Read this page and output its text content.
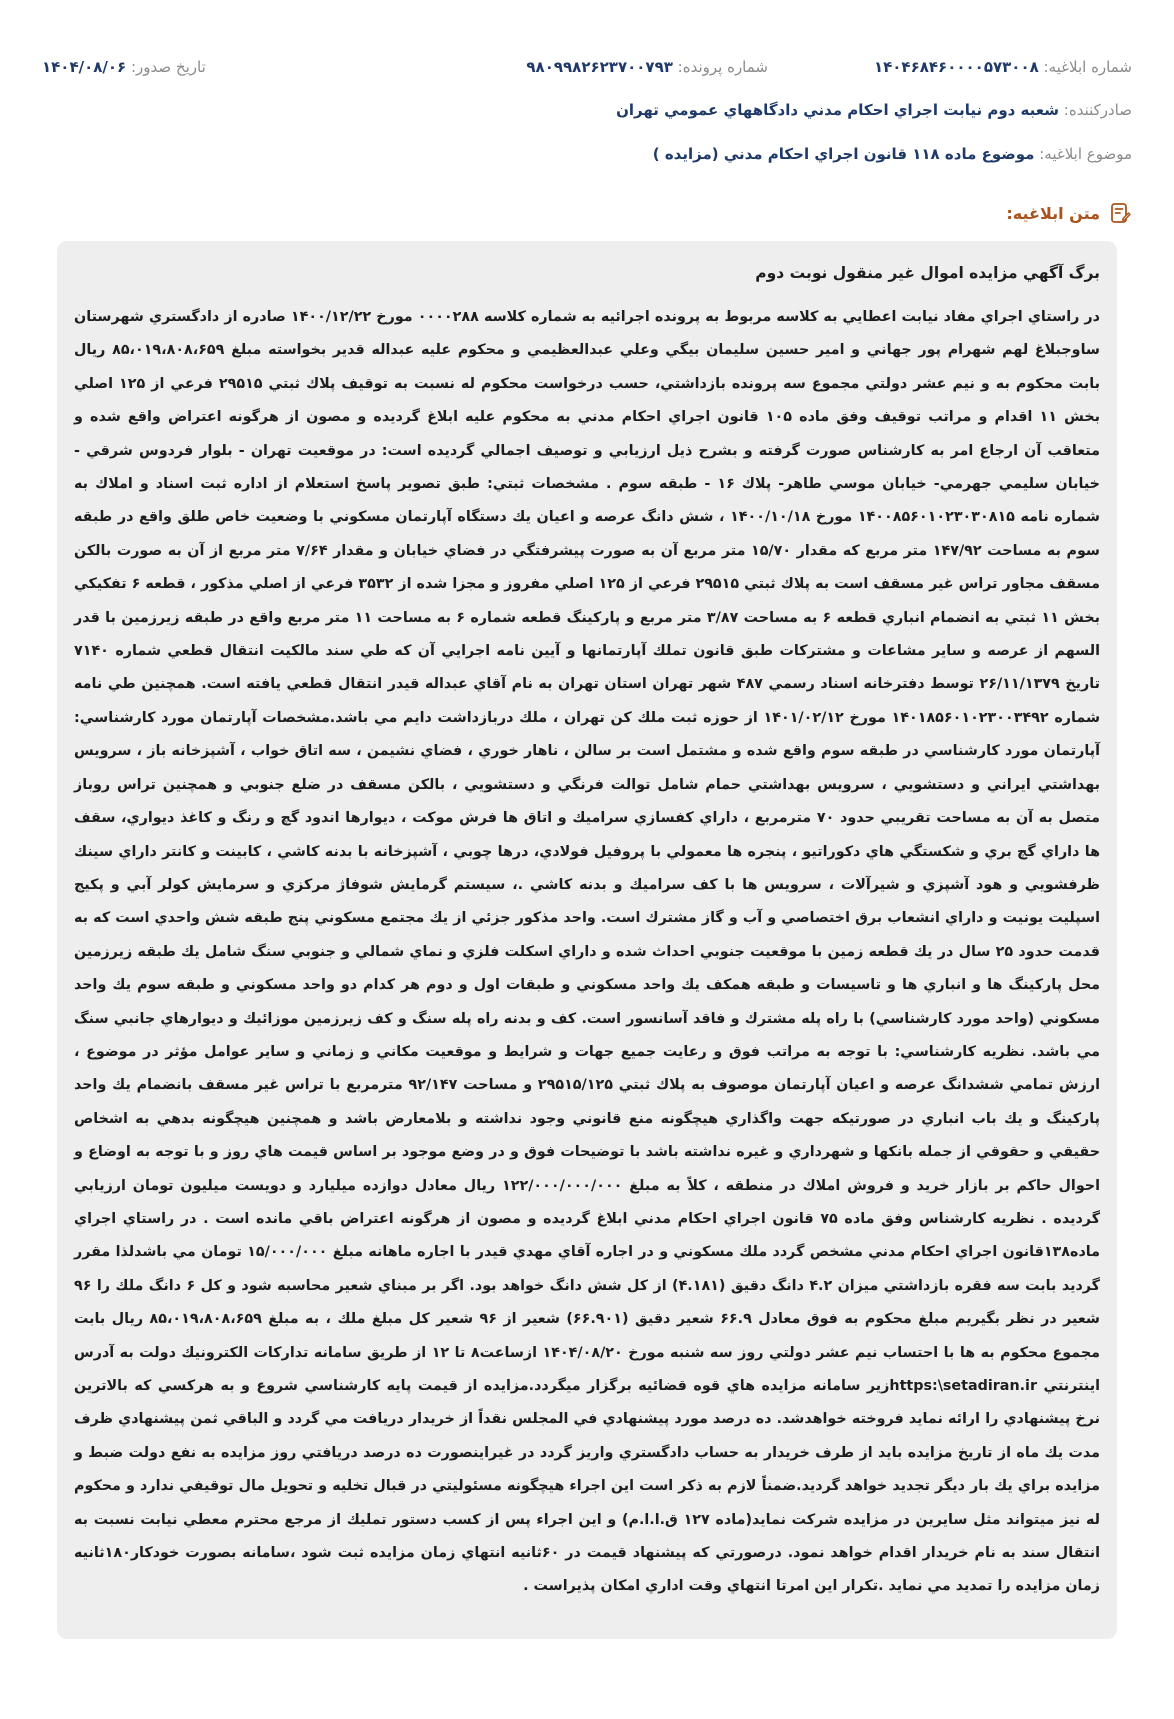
شماره ابلاغيه: ۱۴۰۴۶۸۴۶۰۰۰۰۵۷۳۰۰۸
شماره پرونده: ۹۸۰۹۹۸۲۶۲۳۷۰۰۷۹۳
تاريخ صدور: ۱۴۰۴/۰۸/۰۶
صادرکننده: شعبه دوم نيابت اجراي احكام مدني دادگاههاي عمومي تهران
موضوع ابلاغيه: موضوع ماده ۱۱۸ قانون اجراي احكام مدني (مزايده )
متن ابلاغيه:

برگ آگهي مزايده اموال غير منقول نوبت دوم

در راستاي اجراي مفاد نيابت اعطايي به كلاسه مربوط به پرونده اجرائيه به شماره كلاسه ۰۰۰۰۲۸۸ مورخ ۱۴۰۰/۱۲/۲۲ صادره از دادگستري شهرستان ساوجبلاغ لهم شهرام پور جهاني و امير حسين سليمان بيگي وعلي عبدالعظيمي و محكوم عليه عبداله قدير بخواسته مبلغ ۸۵،۰۱۹،۸۰۸،۶۵۹ ريال بابت محكوم به و نيم عشر دولتي مجموع سه پرونده بازداشتي، حسب درخواست محكوم له نسبت به توقيف پلاك ثبتي ۲۹۵۱۵ فرعي از ۱۲۵ اصلي بخش ۱۱ اقدام و مراتب توقيف وفق ماده ۱۰۵ قانون اجراي احكام مدني به محكوم عليه ابلاغ گرديده و مصون از هرگونه اعتراض واقع شده و متعاقب آن ارجاع امر به كارشناس صورت گرفته و بشرح ذيل ارزيابي و توصيف اجمالي گرديده است: در موقعيت تهران - بلوار فردوس شرقي - خيابان سليمي جهرمي- خيابان موسي طاهر- پلاك ۱۶ - طبقه سوم . مشخصات ثبتي: طبق تصوير پاسخ استعلام از اداره ثبت اسناد و املاك به شماره نامه ۱۴۰۰۸۵۶۰۱۰۲۳۰۳۰۸۱۵ مورخ ۱۴۰۰/۱۰/۱۸ ، شش دانگ عرصه و اعيان يك دستگاه آپارتمان مسكوني با وضعيت خاص طلق واقع در طبقه سوم به مساحت ۱۴۷/۹۲ متر مربع كه مقدار ۱۵/۷۰ متر مربع آن به صورت پيشرفتگي در فضاي خيابان و مقدار ۷/۶۴ متر مربع از آن به صورت بالكن مسقف مجاور تراس غير مسقف است به پلاك ثبتي ۲۹۵۱۵ فرعي از ۱۲۵ اصلي مفروز و مجزا شده از ۳۵۳۲ فرعي از اصلي مذكور ، قطعه ۶ تفكيكي بخش ۱۱ ثبتي به انضمام انباري قطعه ۶ به مساحت ۳/۸۷ متر مربع و پاركينگ قطعه شماره ۶ به مساحت ۱۱ متر مربع واقع در طبقه زيرزمين با قدر السهم از عرصه و ساير مشاعات و مشتركات طبق قانون تملك آپارتمانها و آيين نامه اجرايي آن كه طي سند مالكيت انتقال قطعي شماره ۷۱۴۰ تاريخ ۲۶/۱۱/۱۳۷۹ توسط دفترخانه اسناد رسمي ۴۸۷ شهر تهران استان تهران به نام آقاي عبداله قيدر انتقال قطعي يافته است. همچنين طي نامه شماره ۱۴۰۱۸۵۶۰۱۰۲۳۰۰۳۴۹۲ مورخ ۱۴۰۱/۰۲/۱۲ از حوزه ثبت ملك كن تهران ، ملك دربازداشت دايم مي باشد.مشخصات آپارتمان مورد كارشناسي: آپارتمان مورد كارشناسي در طبقه سوم واقع شده و مشتمل است بر سالن ، ناهار خوري ، فضاي نشيمن ، سه اتاق خواب ، آشپزخانه باز ، سرويس بهداشتي ايراني و دستشويي ، سرويس بهداشتي حمام شامل توالت فرنگي و دستشويي ، بالكن مسقف در ضلع جنوبي و همچنين تراس روباز متصل به آن به مساحت تقريبي حدود ۷۰ مترمربع ، داراي كفسازي سراميك و اتاق ها فرش موكت ، ديوارها اندود گچ و رنگ و كاغذ ديواري، سقف ها داراي گچ بري و شكستگي هاي دكوراتيو ، پنجره ها معمولي با پروفيل فولادي، درها چوبي ، آشپزخانه با بدنه كاشي ، كابينت و كانتر داراي سينك ظرفشويي و هود آشپزي و شيرآلات ، سرويس ها با كف سراميك و بدنه كاشي .، سيستم گرمايش شوفاژ مركزي و سرمايش كولر آبي و پكيج اسپليت يونيت و داراي انشعاب برق اختصاصي و آب و گاز مشترك است. واحد مذكور جزئي از يك مجتمع مسكوني پنج طبقه شش واحدي است كه به قدمت حدود ۲۵ سال در يك قطعه زمين با موقعيت جنوبي احداث شده و داراي اسكلت فلزي و نماي شمالي و جنوبي سنگ شامل يك طبقه زيرزمين محل پاركينگ ها و انباري ها و تاسيسات و طبقه همكف يك واحد مسكوني و طبقات اول و دوم هر كدام دو واحد مسكوني و طبقه سوم يك واحد مسكوني (واحد مورد كارشناسي) با راه پله مشترك و فاقد آسانسور است. كف و بدنه راه پله سنگ و كف زيرزمين موزائيك و ديوارهاي جانبي سنگ مي باشد. نظريه كارشناسي: با توجه به مراتب فوق و رعايت جميع جهات و شرايط و موقعيت مكاني و زماني و ساير عوامل مؤثر در موضوع ، ارزش تمامي ششدانگ عرصه و اعيان آپارتمان موصوف به پلاك ثبتي ۲۹۵۱۵/۱۲۵ و مساحت ۹۲/۱۴۷ مترمربع با تراس غير مسقف بانضمام يك واحد پاركينگ و يك باب انباري در صورتيكه جهت واگذاري هيچگونه منع قانوني وجود نداشته و بلامعارض باشد و همچنين هيچگونه بدهي به اشخاص حقيقي و حقوقي از جمله بانكها و شهرداري و غيره نداشته باشد با توضيحات فوق و در وضع موجود بر اساس قيمت هاي روز و با توجه به اوضاع و احوال حاكم بر بازار خريد و فروش املاك در منطقه ، كلاً به مبلغ ۱۲۲/۰۰۰/۰۰۰/۰۰۰ ريال معادل دوازده ميليارد و دويست ميليون تومان ارزيابي گرديده . نظريه كارشناس وفق ماده ۷۵ قانون اجراي احكام مدني ابلاغ گرديده و مصون از هرگونه اعتراض باقي مانده است . در راستاي اجراي ماده۱۳۸قانون اجراي احكام مدني مشخص گردد ملك مسكوني و در اجاره آقاي مهدي قيدر با اجاره ماهانه مبلغ ۱۵/۰۰۰/۰۰۰ تومان مي باشدلذا مقرر گرديد بابت سه فقره بازداشتي ميزان ۴.۲ دانگ دقيق (۴.۱۸۱) از كل شش دانگ خواهد بود. اگر بر مبناي شعير محاسبه شود و كل ۶ دانگ ملك را ۹۶ شعير در نظر بگيريم مبلغ محكوم به فوق معادل ۶۶.۹ شعير دقيق (۶۶.۹۰۱) شعير از ۹۶ شعير كل مبلغ ملك ، به مبلغ ۸۵،۰۱۹،۸۰۸،۶۵۹ ريال بابت مجموع محكوم به ها با احتساب نيم عشر دولتي روز سه شنبه مورخ ۱۴۰۴/۰۸/۲۰ ازساعت۸ تا ۱۲ از طريق سامانه تداركات الكترونيك دولت به آدرس اينترنتي https:\setadiran.irزير سامانه مزايده هاي قوه قضائيه برگزار ميگردد.مزايده از قيمت پايه كارشناسي شروع و به هركسي كه بالاترين نرخ پيشنهادي را ارائه نمايد فروخته خواهدشد. ده درصد مورد پيشنهادي في المجلس نقداً از خريدار دريافت مي گردد و الباقي ثمن پيشنهادي ظرف مدت يك ماه از تاريخ مزايده بايد از طرف خريدار به حساب دادگستري واريز گردد در غيراينصورت ده درصد دريافتي روز مزايده به نفع دولت ضبط و مزايده براي يك بار ديگر تجديد خواهد گرديد.ضمناً لازم به ذكر است اين اجراء هيچگونه مسئوليتي در قبال تخليه و تحويل مال توقيفي ندارد و محكوم له نيز ميتواند مثل سايرين در مزايده شركت نمايد(ماده ۱۲۷ ق.ا.ا.م) و اين اجراء پس از كسب دستور تمليك از مرجع محترم معطي نيابت نسبت به انتقال سند به نام خريدار اقدام خواهد نمود. درصورتي كه پيشنهاد قيمت در ۶۰ثانيه انتهاي زمان مزايده ثبت شود ،سامانه بصورت خودكار۱۸۰ثانيه زمان مزايده را تمديد مي نمايد .تكرار اين امرتا انتهاي وقت اداري امكان پذيراست .
